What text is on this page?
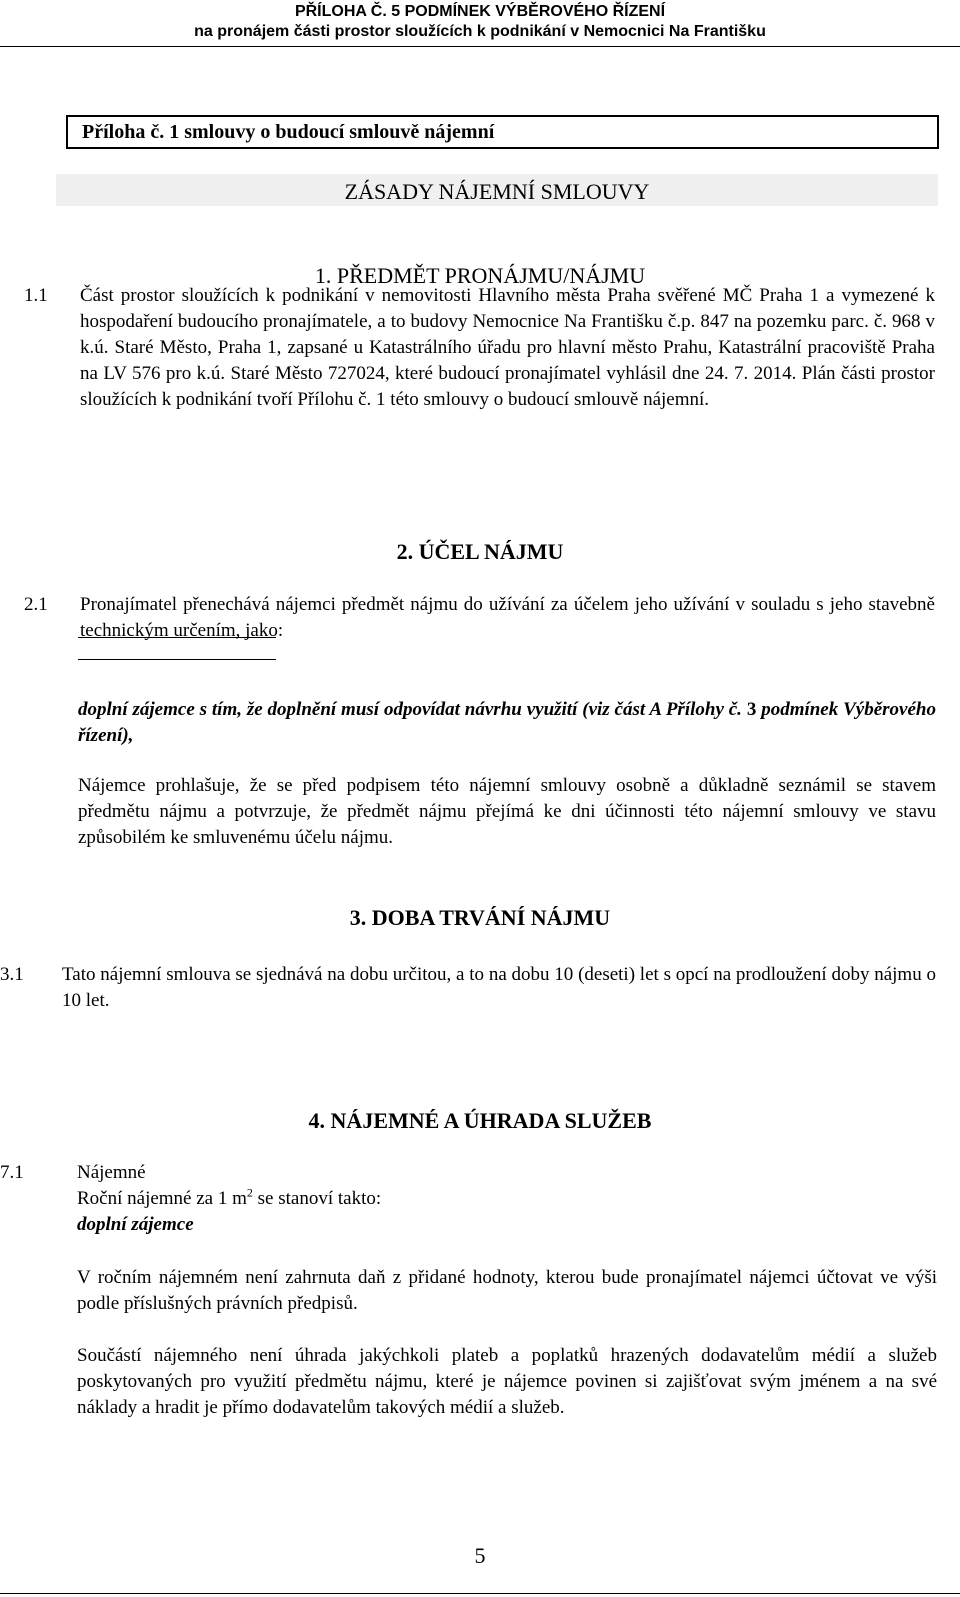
PŘÍLOHA Č. 5 PODMÍNEK VÝBĚROVÉHO ŘÍZENÍ
na pronájem části prostor sloužících k podnikání v Nemocnici Na Františku
Příloha č. 1 smlouvy o budoucí smlouvě nájemní
ZÁSADY NÁJEMNÍ SMLOUVY
1. PŘEDMĚT PRONÁJMU/NÁJMU
1.1 Část prostor sloužících k podnikání v nemovitosti Hlavního města Praha svěřené MČ Praha 1 a vymezené k hospodaření budoucího pronajímatele, a to budovy Nemocnice Na Františku č.p. 847 na pozemku parc. č. 968 v k.ú. Staré Město, Praha 1, zapsané u Katastrálního úřadu pro hlavní město Prahu, Katastrální pracoviště Praha na LV 576 pro k.ú. Staré Město 727024, které budoucí pronajímatel vyhlásil dne 24. 7. 2014. Plán části prostor sloužících k podnikání tvoří Přílohu č. 1 této smlouvy o budoucí smlouvě nájemní.
2. ÚČEL NÁJMU
2.1 Pronajímatel přenechává nájemci předmět nájmu do užívání za účelem jeho užívání v souladu s jeho stavebně technickým určením, jako:
doplní zájemce s tím, že doplnění musí odpovídat návrhu využití (viz část A Přílohy č. 3 podmínek Výběrového řízení),
Nájemce prohlašuje, že se před podpisem této nájemní smlouvy osobně a důkladně seznámil se stavem předmětu nájmu a potvrzuje, že předmět nájmu přejímá ke dni účinnosti této nájemní smlouvy ve stavu způsobilém ke smluvenému účelu nájmu.
3. DOBA TRVÁNÍ NÁJMU
3.1 Tato nájemní smlouva se sjednává na dobu určitou, a to na dobu 10 (deseti) let s opcí na prodloužení doby nájmu o 10 let.
4. NÁJEMNÉ A ÚHRADA SLUŽEB
7.1	Nájemné
Roční nájemné za 1 $m^2$ se stanoví takto:
doplní zájemce
V ročním nájemném není zahrnuta daň z přidané hodnoty, kterou bude pronajímatel nájemci účtovat ve výši podle příslušných právních předpisů.
Součástí nájemného není úhrada jakýchkoli plateb a poplatků hrazených dodavatelům médií a služeb poskytovaných pro využití předmětu nájmu, které je nájemce povinen si zajišťovat svým jménem a na své náklady a hradit je přímo dodavatelům takových médií a služeb.
5
